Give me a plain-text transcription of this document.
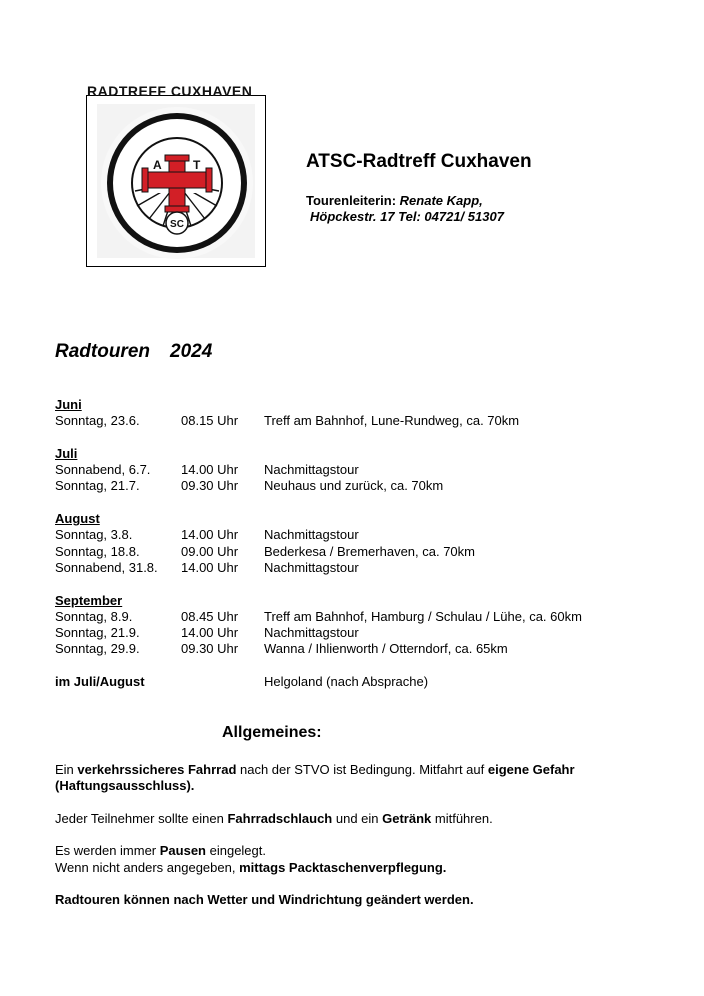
RADTREFF CUXHAVEN
A	T
SC
ATSC-Radtreff Cuxhaven
Tourenleiterin: Renate Kapp,
Höpckestr. 17 Tel: 04721/ 51307
Radtouren 2024
Juni
Sonntag, 23.6.	08.15 Uhr Treff am Bahnhof, Lune-Rundweg, ca. 70km
Juli
Sonnabend, 6.7. 14.00 Uhr Nachmittagstour
Sonntag, 21.7.	09.30 Uhr Neuhaus und zurück, ca. 70km
August
Sonntag, 3.8.	14.00 Uhr Nachmittagstour
Sonntag, 18.8.	09.00 Uhr Bederkesa / Bremerhaven, ca. 70km
Sonnabend, 31.8. 14.00 Uhr Nachmittagstour
September
Sonntag, 8.9.	08.45 Uhr Treff am Bahnhof, Hamburg / Schulau / Lühe, ca. 60km
Sonntag, 21.9.	14.00 Uhr Nachmittagstour
Sonntag, 29.9.	09.30 Uhr Wanna / Ihlienworth / Otterndorf, ca. 65km
im Juli/August	Helgoland (nach Absprache)
Allgemeines:

Ein verkehrssicheres Fahrrad nach der STVO ist Bedingung. Mitfahrt auf eigene Gefahr (Haftungsausschluss).

Jeder Teilnehmer sollte einen Fahrradschlauch und ein Getränk mitführen.

Es werden immer Pausen eingelegt.
Wenn nicht anders angegeben, mittags Packtaschenverpflegung.

Radtouren können nach Wetter und Windrichtung geändert werden.
